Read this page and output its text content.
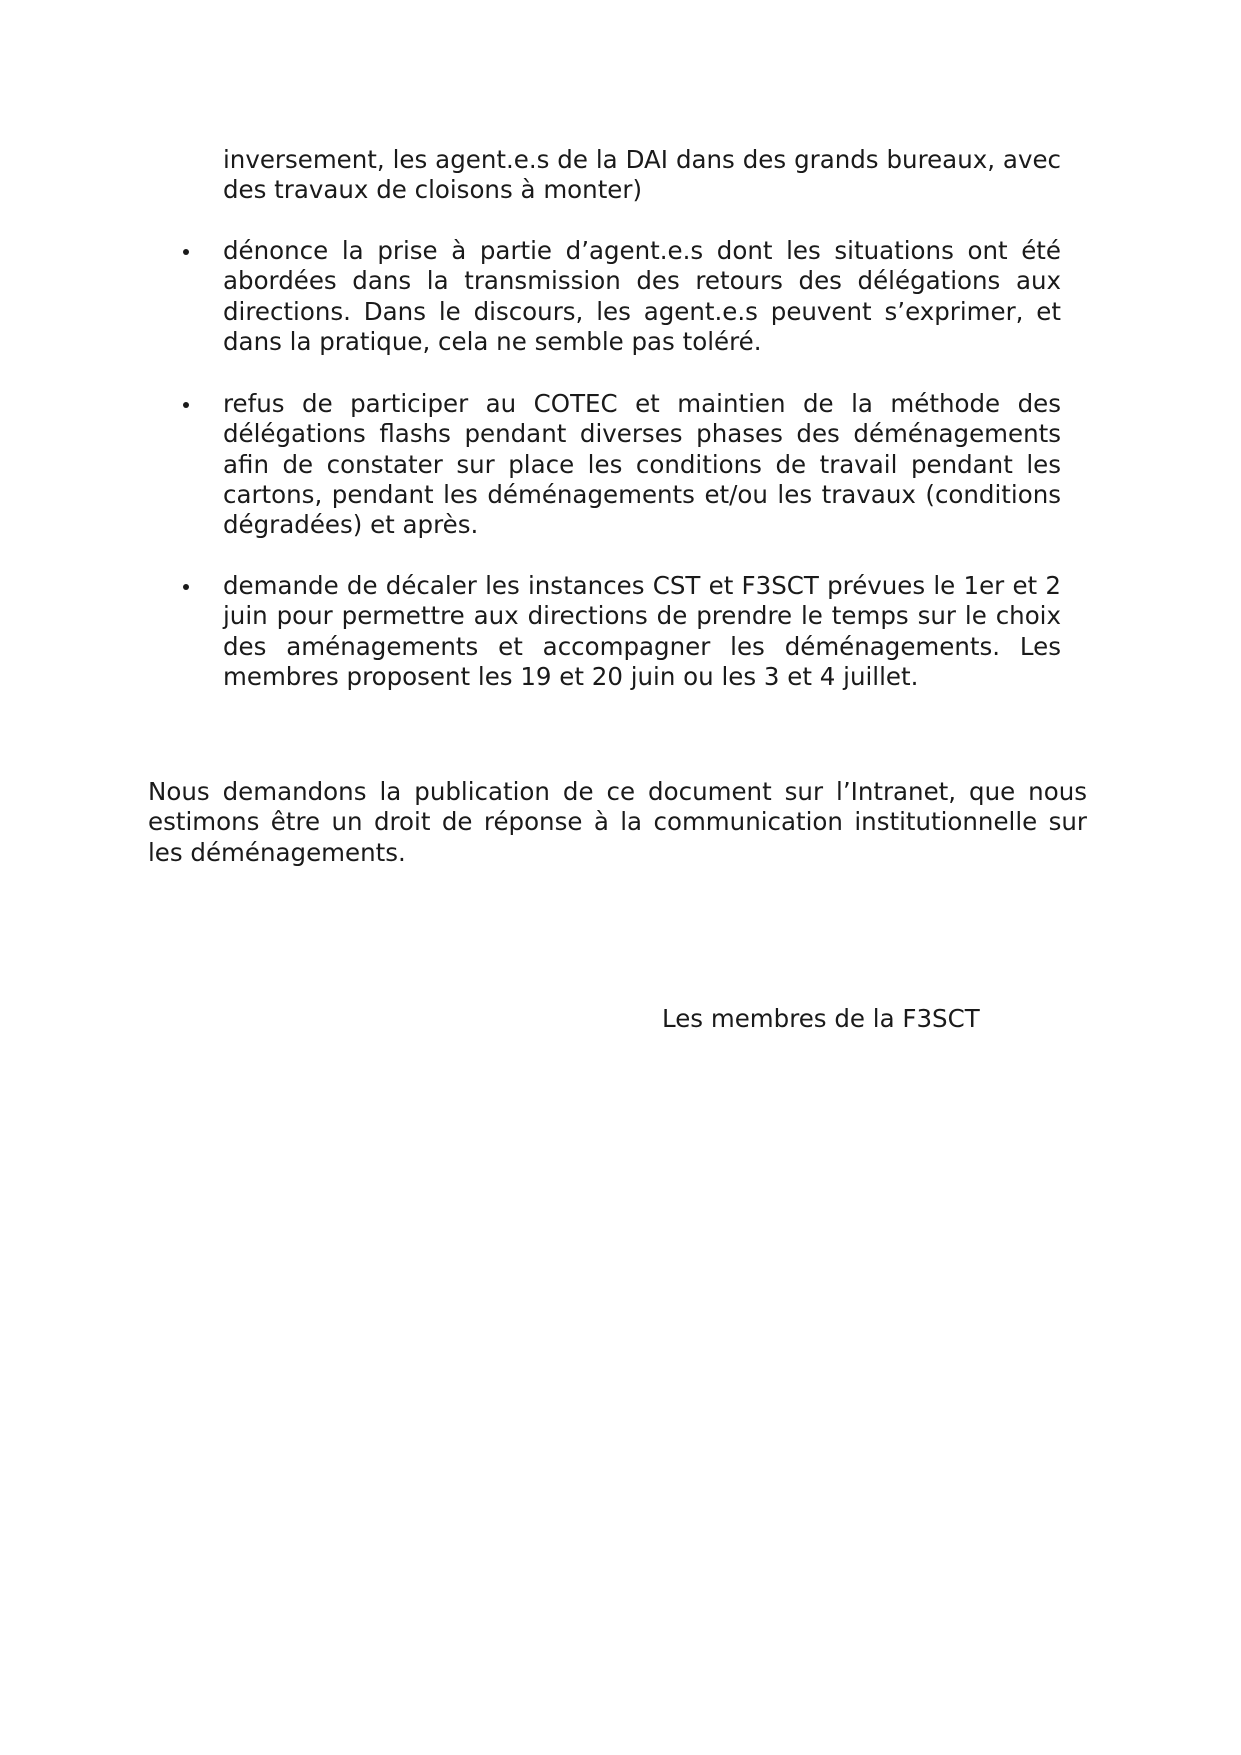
inversement, les agent.e.s de la DAI dans des grands bureaux, avec des travaux de cloisons à monter)

dénonce la prise à partie d’agent.e.s dont les situations ont été abordées dans la transmission des retours des délégations aux directions. Dans le discours, les agent.e.s peuvent s’exprimer, et dans la pratique, cela ne semble pas toléré.

refus de participer au COTEC et maintien de la méthode des délégations flashs pendant diverses phases des déménagements afin de constater sur place les conditions de travail pendant les cartons, pendant les déménagements et/ou les travaux (conditions dégradées) et après.

demande de décaler les instances CST et F3SCT prévues le 1er et 2 juin pour permettre aux directions de prendre le temps sur le choix des aménagements et accompagner les déménagements. Les membres proposent les 19 et 20 juin ou les 3 et 4 juillet.

Nous demandons la publication de ce document sur l’Intranet, que nous estimons être un droit de réponse à la communication institutionnelle sur les déménagements.

Les membres de la F3SCT
